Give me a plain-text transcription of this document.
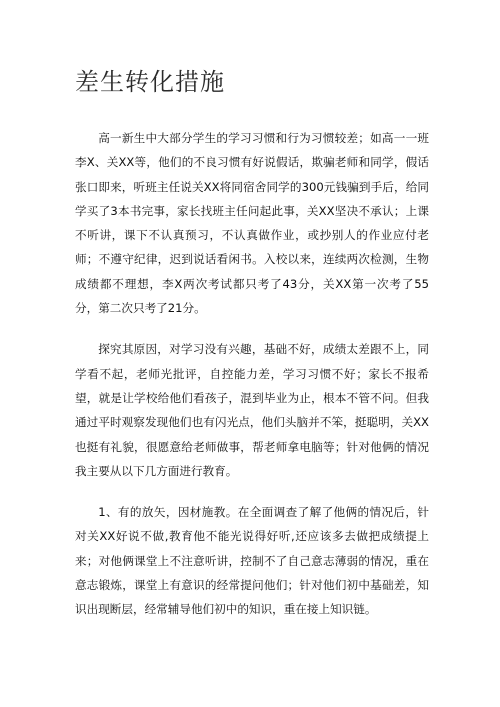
差生转化措施

高一新生中大部分学生的学习习惯和行为习惯较差；如高一一班李X、关XX等，他们的不良习惯有好说假话，欺骗老师和同学，假话张口即来，听班主任说关XX将同宿舍同学的300元钱骗到手后，给同学买了3本书完事，家长找班主任问起此事，关XX坚决不承认；上课不听讲，课下不认真预习，不认真做作业，或抄别人的作业应付老师；不遵守纪律，迟到说话看闲书。入校以来，连续两次检测，生物成绩都不理想，李X两次考试都只考了43分，关XX第一次考了55分，第二次只考了21分。

探究其原因，对学习没有兴趣，基础不好，成绩太差跟不上，同学看不起，老师光批评，自控能力差，学习习惯不好；家长不报希望，就是让学校给他们看孩子，混到毕业为止，根本不管不问。但我通过平时观察发现他们也有闪光点，他们头脑并不笨，挺聪明，关XX也挺有礼貌，很愿意给老师做事，帮老师拿电脑等；针对他俩的情况我主要从以下几方面进行教育。

1、有的放矢，因材施教。在全面调查了解了他俩的情况后，针对关XX好说不做,教育他不能光说得好听,还应该多去做把成绩提上来；对他俩课堂上不注意听讲，控制不了自己意志薄弱的情况，重在意志锻炼，课堂上有意识的经常提问他们；针对他们初中基础差，知识出现断层，经常辅导他们初中的知识，重在接上知识链。
